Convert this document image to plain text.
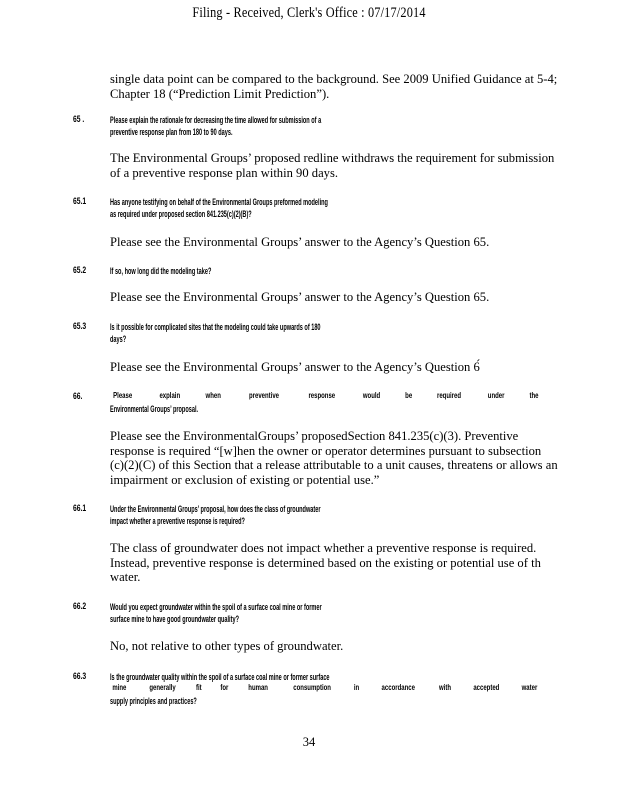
Filing - Received, Clerk's Office : 07/17/2014
single data point can be compared to the background. See 2009 Unified Guidance at 5-4;
Chapter 18 (“Prediction Limit Prediction”).
65 .	Please explain the rationale for decreasing the time allowed for submission of a
preventive response plan from 180 to 90 days.
The Environmental Groups’ proposed redline withdraws the requirement for submission
of a preventive response plan within 90 days.
65.1	Has anyone testifying on behalf of the Environmental Groups preformed modeling
as required under proposed section 841.235(c)(2)(B)?
Please see the Environmental Groups’ answer to the Agency’s Question 65.
65.2	If so, how long did the modeling take?
Please see the Environmental Groups’ answer to the Agency’s Question 65.
65.3	Is it possible for complicated sites that the modeling could take upwards of 180
days?
Please see the Environmental Groups’ answer to the Agency’s Question 6́
66.	Please	explain	when	preventive	response	would	be	required	under	the
Environmental Groups’ proposal.
Please see the EnvironmentalGroups’ proposedSection 841.235(c)(3). Preventive
response is required “[w]hen the owner or operator determines pursuant to subsection
(c)(2)(C) of this Section that a release attributable to a unit causes, threatens or allows an
impairment or exclusion of existing or potential use.”
66.1	Under the Environmental Groups’ proposal, how does the class of groundwater
impact whether a preventive response is required?
The class of groundwater does not impact whether a preventive response is required.
Instead, preventive response is determined based on the existing or potential use of th
water.
66.2	Would you expect groundwater within the spoil of a surface coal mine or former
surface mine to have good groundwater quality?
No, not relative to other types of groundwater.
66.3	Is the groundwater quality within the spoil of a surface coal mine or former surface
mine	generally	fit for	human	consumption	in	accordance	with	accepted	water
supply principles and practices?
34
